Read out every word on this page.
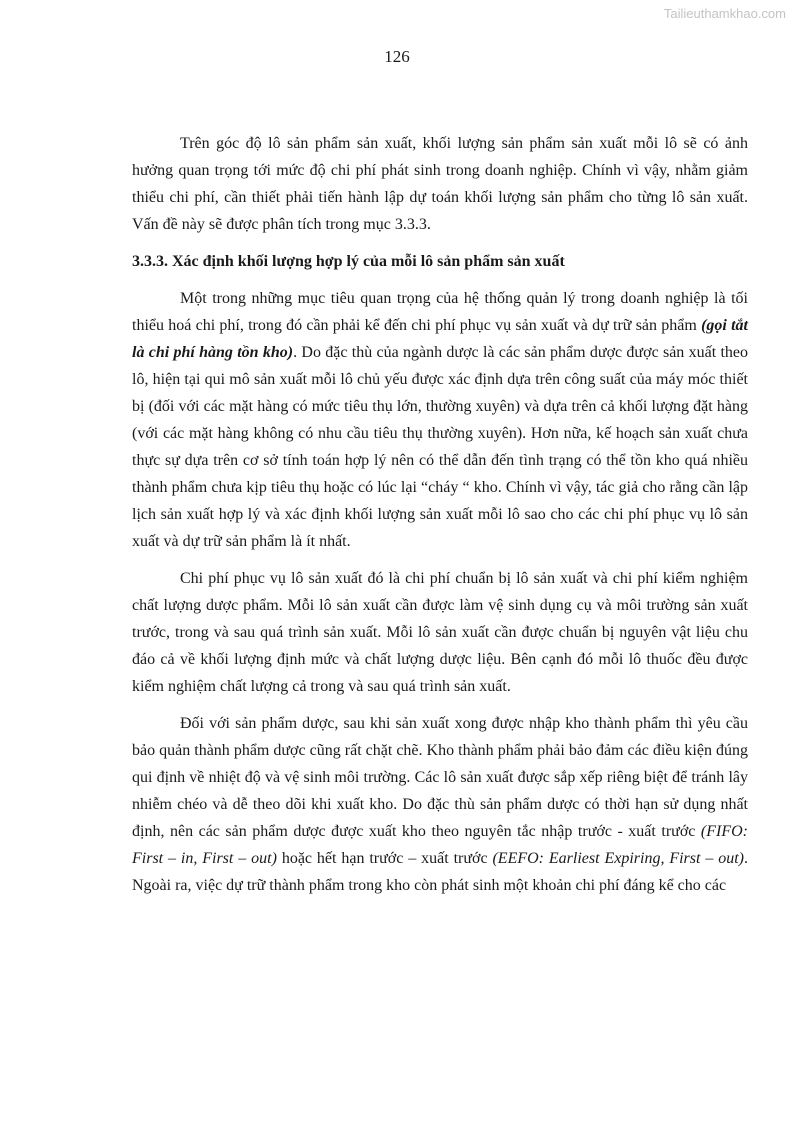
Tailieuthamkhao.com
126

Trên góc độ lô sản phẩm sản xuất, khối lượng sản phẩm sản xuất mỗi lô sẽ có ảnh hưởng quan trọng tới mức độ chi phí phát sinh trong doanh nghiệp. Chính vì vậy, nhằm giảm thiểu chi phí, cần thiết phải tiến hành lập dự toán khối lượng sản phẩm cho từng lô sản xuất. Vấn đề này sẽ được phân tích trong mục 3.3.3.

3.3.3. Xác định khối lượng hợp lý của mỗi lô sản phẩm sản xuất

Một trong những mục tiêu quan trọng của hệ thống quản lý trong doanh nghiệp là tối thiểu hoá chi phí, trong đó cần phải kể đến chi phí phục vụ sản xuất và dự trữ sản phẩm (gọi tắt là chi phí hàng tồn kho). Do đặc thù của ngành dược là các sản phẩm dược được sản xuất theo lô, hiện tại qui mô sản xuất mỗi lô chủ yếu được xác định dựa trên công suất của máy móc thiết bị (đối với các mặt hàng có mức tiêu thụ lớn, thường xuyên) và dựa trên cả khối lượng đặt hàng (với các mặt hàng không có nhu cầu tiêu thụ thường xuyên). Hơn nữa, kế hoạch sản xuất chưa thực sự dựa trên cơ sở tính toán hợp lý nên có thể dẫn đến tình trạng có thể tồn kho quá nhiều thành phẩm chưa kịp tiêu thụ hoặc có lúc lại “cháy “ kho. Chính vì vậy, tác giả cho rằng cần lập lịch sản xuất hợp lý và xác định khối lượng sản xuất mỗi lô sao cho các chi phí phục vụ lô sản xuất và dự trữ sản phẩm là ít nhất.

Chi phí phục vụ lô sản xuất đó là chi phí chuẩn bị lô sản xuất và chi phí kiểm nghiệm chất lượng dược phẩm. Mỗi lô sản xuất cần được làm vệ sinh dụng cụ và môi trường sản xuất trước, trong và sau quá trình sản xuất. Mỗi lô sản xuất cần được chuẩn bị nguyên vật liệu chu đáo cả về khối lượng định mức và chất lượng dược liệu. Bên cạnh đó mỗi lô thuốc đều được kiểm nghiệm chất lượng cả trong và sau quá trình sản xuất.

Đối với sản phẩm dược, sau khi sản xuất xong được nhập kho thành phẩm thì yêu cầu bảo quản thành phẩm dược cũng rất chặt chẽ. Kho thành phẩm phải bảo đảm các điều kiện đúng qui định về nhiệt độ và vệ sinh môi trường. Các lô sản xuất được sắp xếp riêng biệt để tránh lây nhiễm chéo và dễ theo dõi khi xuất kho. Do đặc thù sản phẩm dược có thời hạn sử dụng nhất định, nên các sản phẩm dược được xuất kho theo nguyên tắc nhập trước - xuất trước (FIFO: First – in, First – out) hoặc hết hạn trước – xuất trước (EEFO: Earliest Expiring, First – out). Ngoài ra, việc dự trữ thành phẩm trong kho còn phát sinh một khoản chi phí đáng kể cho các
